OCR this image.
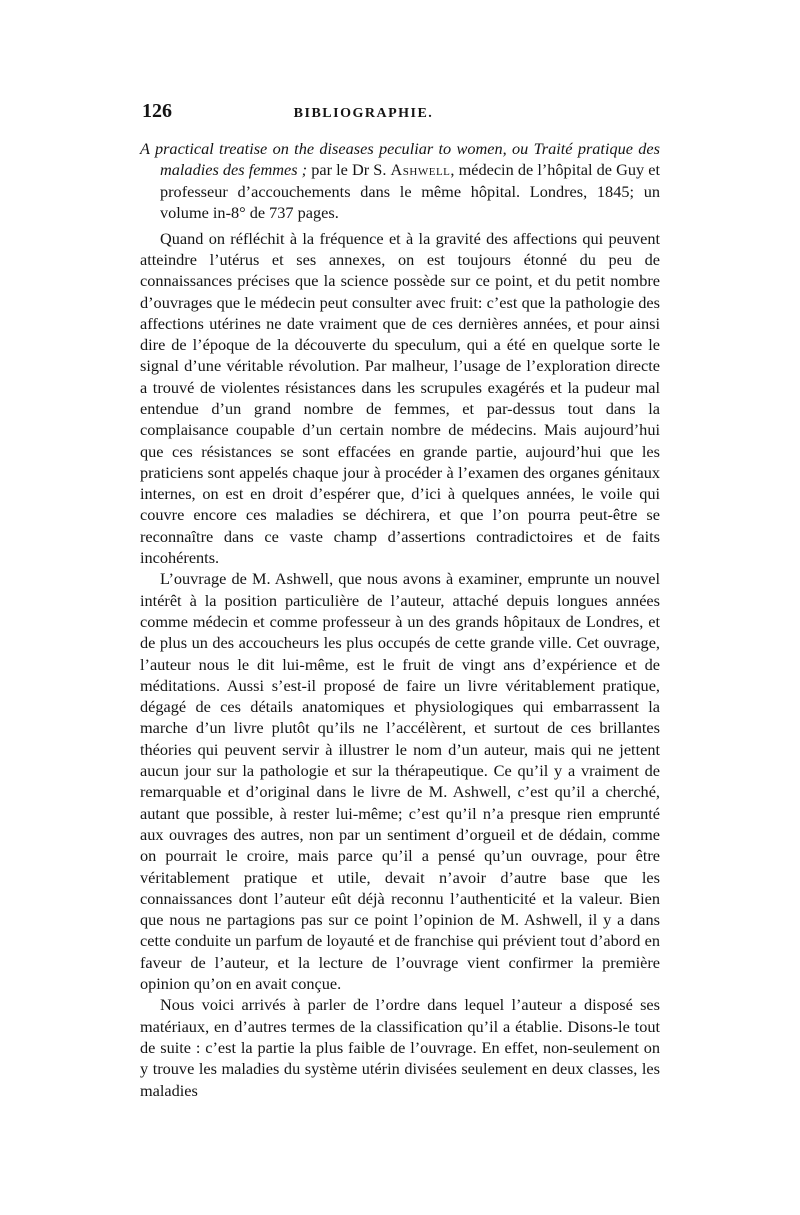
126	BIBLIOGRAPHIE.

A practical treatise on the diseases peculiar to women, ou Traité pratique des maladies des femmes ; par le Dr S. Ashwell, médecin de l’hôpital de Guy et professeur d’accouchements dans le même hôpital. Londres, 1845; un volume in-8° de 737 pages.

Quand on réfléchit à la fréquence et à la gravité des affections qui peuvent atteindre l’utérus et ses annexes, on est toujours étonné du peu de connaissances précises que la science possède sur ce point, et du petit nombre d’ouvrages que le médecin peut consulter avec fruit: c’est que la pathologie des affections utérines ne date vraiment que de ces dernières années, et pour ainsi dire de l’époque de la découverte du speculum, qui a été en quelque sorte le signal d’une véritable révolution. Par malheur, l’usage de l’exploration directe a trouvé de violentes résistances dans les scrupules exagérés et la pudeur mal entendue d’un grand nombre de femmes, et par-dessus tout dans la complaisance coupable d’un certain nombre de médecins. Mais aujourd’hui que ces résistances se sont effacées en grande partie, aujourd’hui que les praticiens sont appelés chaque jour à procéder à l’examen des organes génitaux internes, on est en droit d’espérer que, d’ici à quelques années, le voile qui couvre encore ces maladies se déchirera, et que l’on pourra peut-être se reconnaître dans ce vaste champ d’assertions contradictoires et de faits incohérents.

L’ouvrage de M. Ashwell, que nous avons à examiner, emprunte un nouvel intérêt à la position particulière de l’auteur, attaché depuis longues années comme médecin et comme professeur à un des grands hôpitaux de Londres, et de plus un des accoucheurs les plus occupés de cette grande ville. Cet ouvrage, l’auteur nous le dit lui-même, est le fruit de vingt ans d’expérience et de méditations. Aussi s’est-il proposé de faire un livre véritablement pratique, dégagé de ces détails anatomiques et physiologiques qui embarrassent la marche d’un livre plutôt qu’ils ne l’accélèrent, et surtout de ces brillantes théories qui peuvent servir à illustrer le nom d’un auteur, mais qui ne jettent aucun jour sur la pathologie et sur la thérapeutique. Ce qu’il y a vraiment de remarquable et d’original dans le livre de M. Ashwell, c’est qu’il a cherché, autant que possible, à rester lui-même; c’est qu’il n’a presque rien emprunté aux ouvrages des autres, non par un sentiment d’orgueil et de dédain, comme on pourrait le croire, mais parce qu’il a pensé qu’un ouvrage, pour être véritablement pratique et utile, devait n’avoir d’autre base que les connaissances dont l’auteur eût déjà reconnu l’authenticité et la valeur. Bien que nous ne partagions pas sur ce point l’opinion de M. Ashwell, il y a dans cette conduite un parfum de loyauté et de franchise qui prévient tout d’abord en faveur de l’auteur, et la lecture de l’ouvrage vient confirmer la première opinion qu’on en avait conçue.

Nous voici arrivés à parler de l’ordre dans lequel l’auteur a disposé ses matériaux, en d’autres termes de la classification qu’il a établie. Disons-le tout de suite : c’est la partie la plus faible de l’ouvrage. En effet, non-seulement on y trouve les maladies du système utérin divisées seulement en deux classes, les maladies
